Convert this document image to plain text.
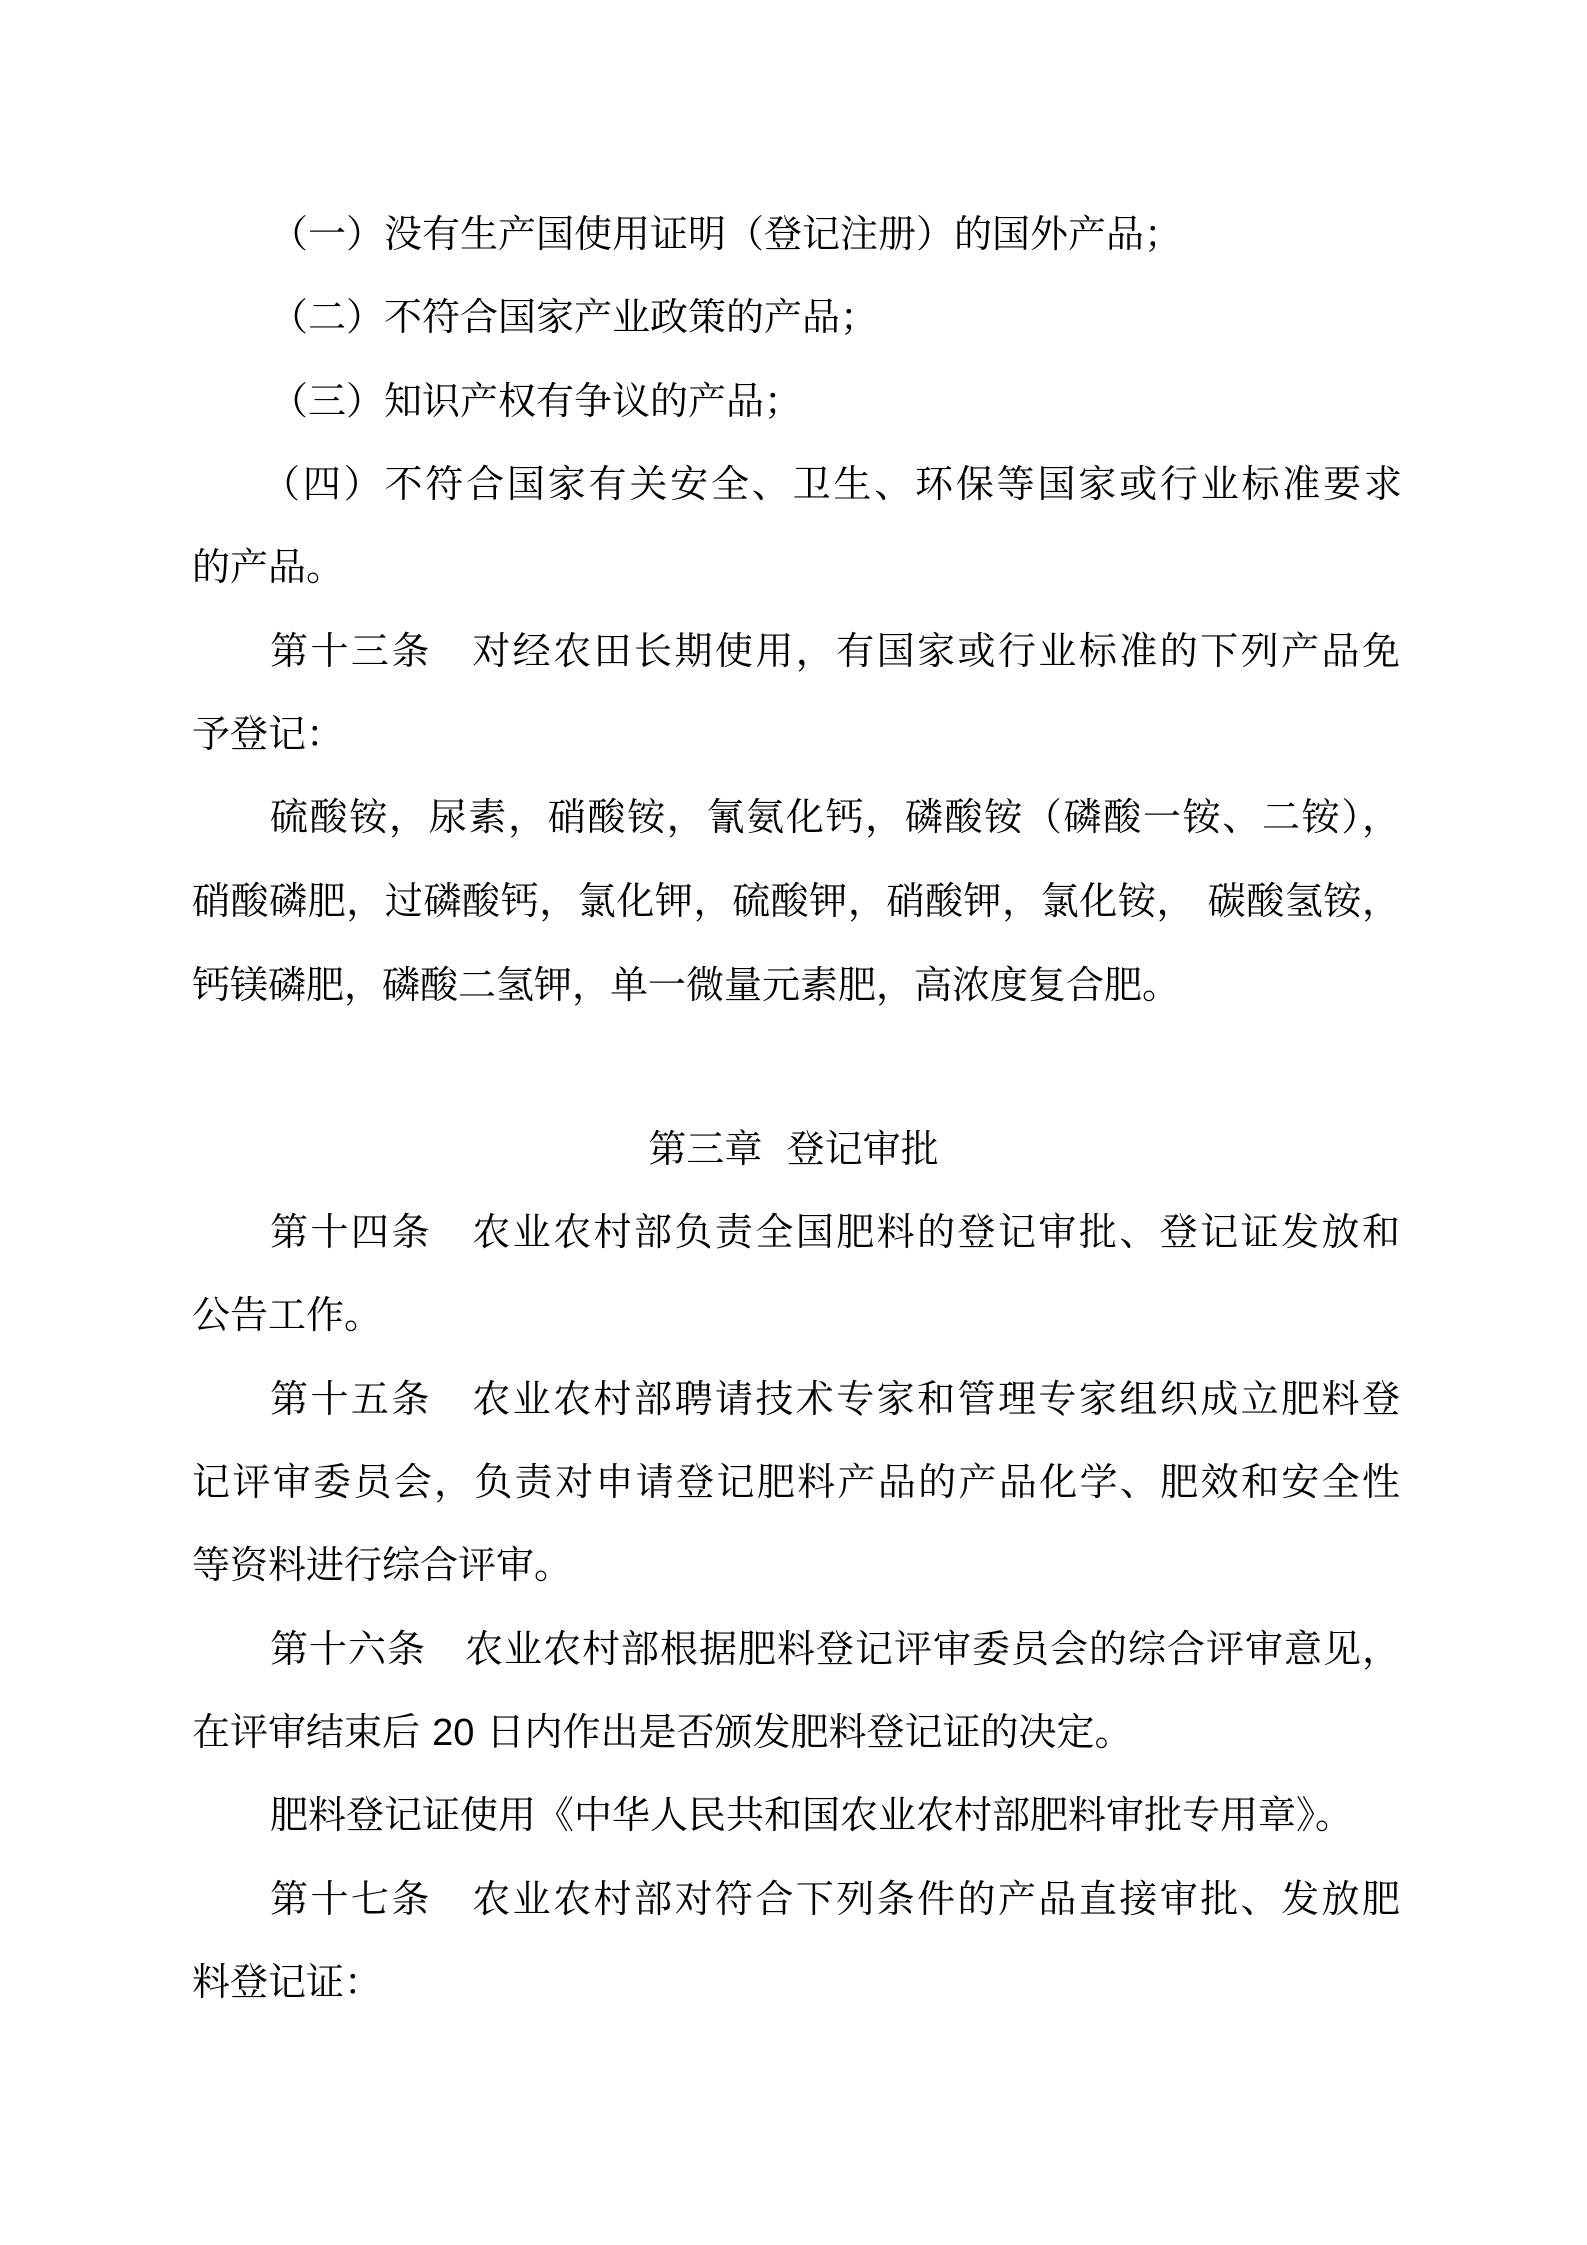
（一）没有生产国使用证明（登记注册）的国外产品；
（二）不符合国家产业政策的产品；
（三）知识产权有争议的产品；
（四）不符合国家有关安全、卫生、环保等国家或行业标准要求
的产品。
第十三条　对经农田长期使用，有国家或行业标准的下列产品免
予登记：
硫酸铵，尿素，硝酸铵，氰氨化钙，磷酸铵（磷酸一铵、二铵），
硝酸磷肥，过磷酸钙，氯化钾，硫酸钾，硝酸钾，氯化铵， 碳酸氢铵，
钙镁磷肥，磷酸二氢钾，单一微量元素肥，高浓度复合肥。
第三章  登记审批
第十四条　农业农村部负责全国肥料的登记审批、登记证发放和
公告工作。
第十五条　农业农村部聘请技术专家和管理专家组织成立肥料登
记评审委员会，负责对申请登记肥料产品的产品化学、肥效和安全性
等资料进行综合评审。
第十六条　农业农村部根据肥料登记评审委员会的综合评审意见，
在评审结束后 20 日内作出是否颁发肥料登记证的决定。
肥料登记证使用《中华人民共和国农业农村部肥料审批专用章》。
第十七条　农业农村部对符合下列条件的产品直接审批、发放肥
料登记证：
